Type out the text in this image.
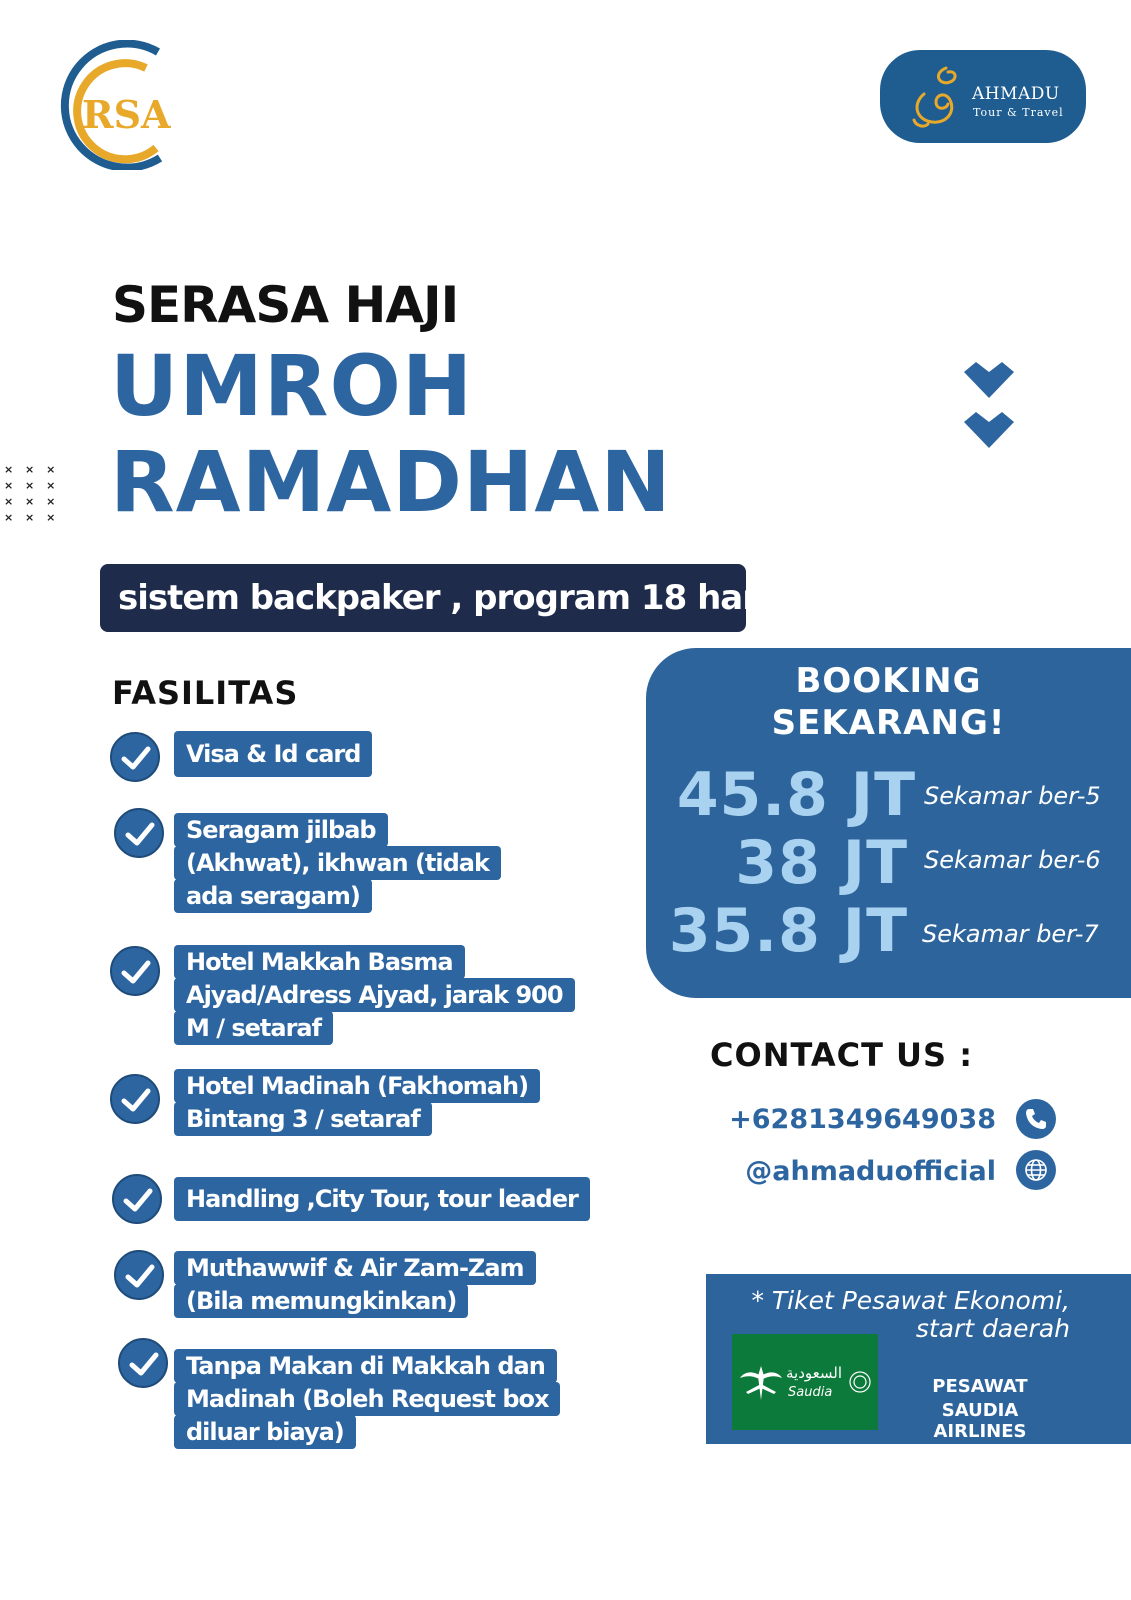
RSA	AHMADU
Tour & Travel
SERASA HAJI
UMROH
RAMADHAN
× × ×
× × ×
× × ×
× × ×
sistem backpaker , program 18 hari
FASILITAS
Visa & Id card
Seragam jilbab
(Akhwat), ikhwan (tidak
ada seragam)
Hotel Makkah Basma
Ajyad/Adress Ajyad, jarak 900
M / setaraf
Hotel Madinah (Fakhomah)
Bintang 3 / setaraf
Handling ,City Tour, tour leader
Muthawwif & Air Zam-Zam
(Bila memungkinkan)
Tanpa Makan di Makkah dan
Madinah (Boleh Request box
diluar biaya)
BOOKING
SEKARANG!
45.8 JT Sekamar ber-5
38 JT Sekamar ber-6
35.8 JT Sekamar ber-7
CONTACT US :
+6281349649038
@ahmaduofficial
* Tiket Pesawat Ekonomi,
start daerah
السعودية
Saudia	PESAWAT
SAUDIA AIRLINES
